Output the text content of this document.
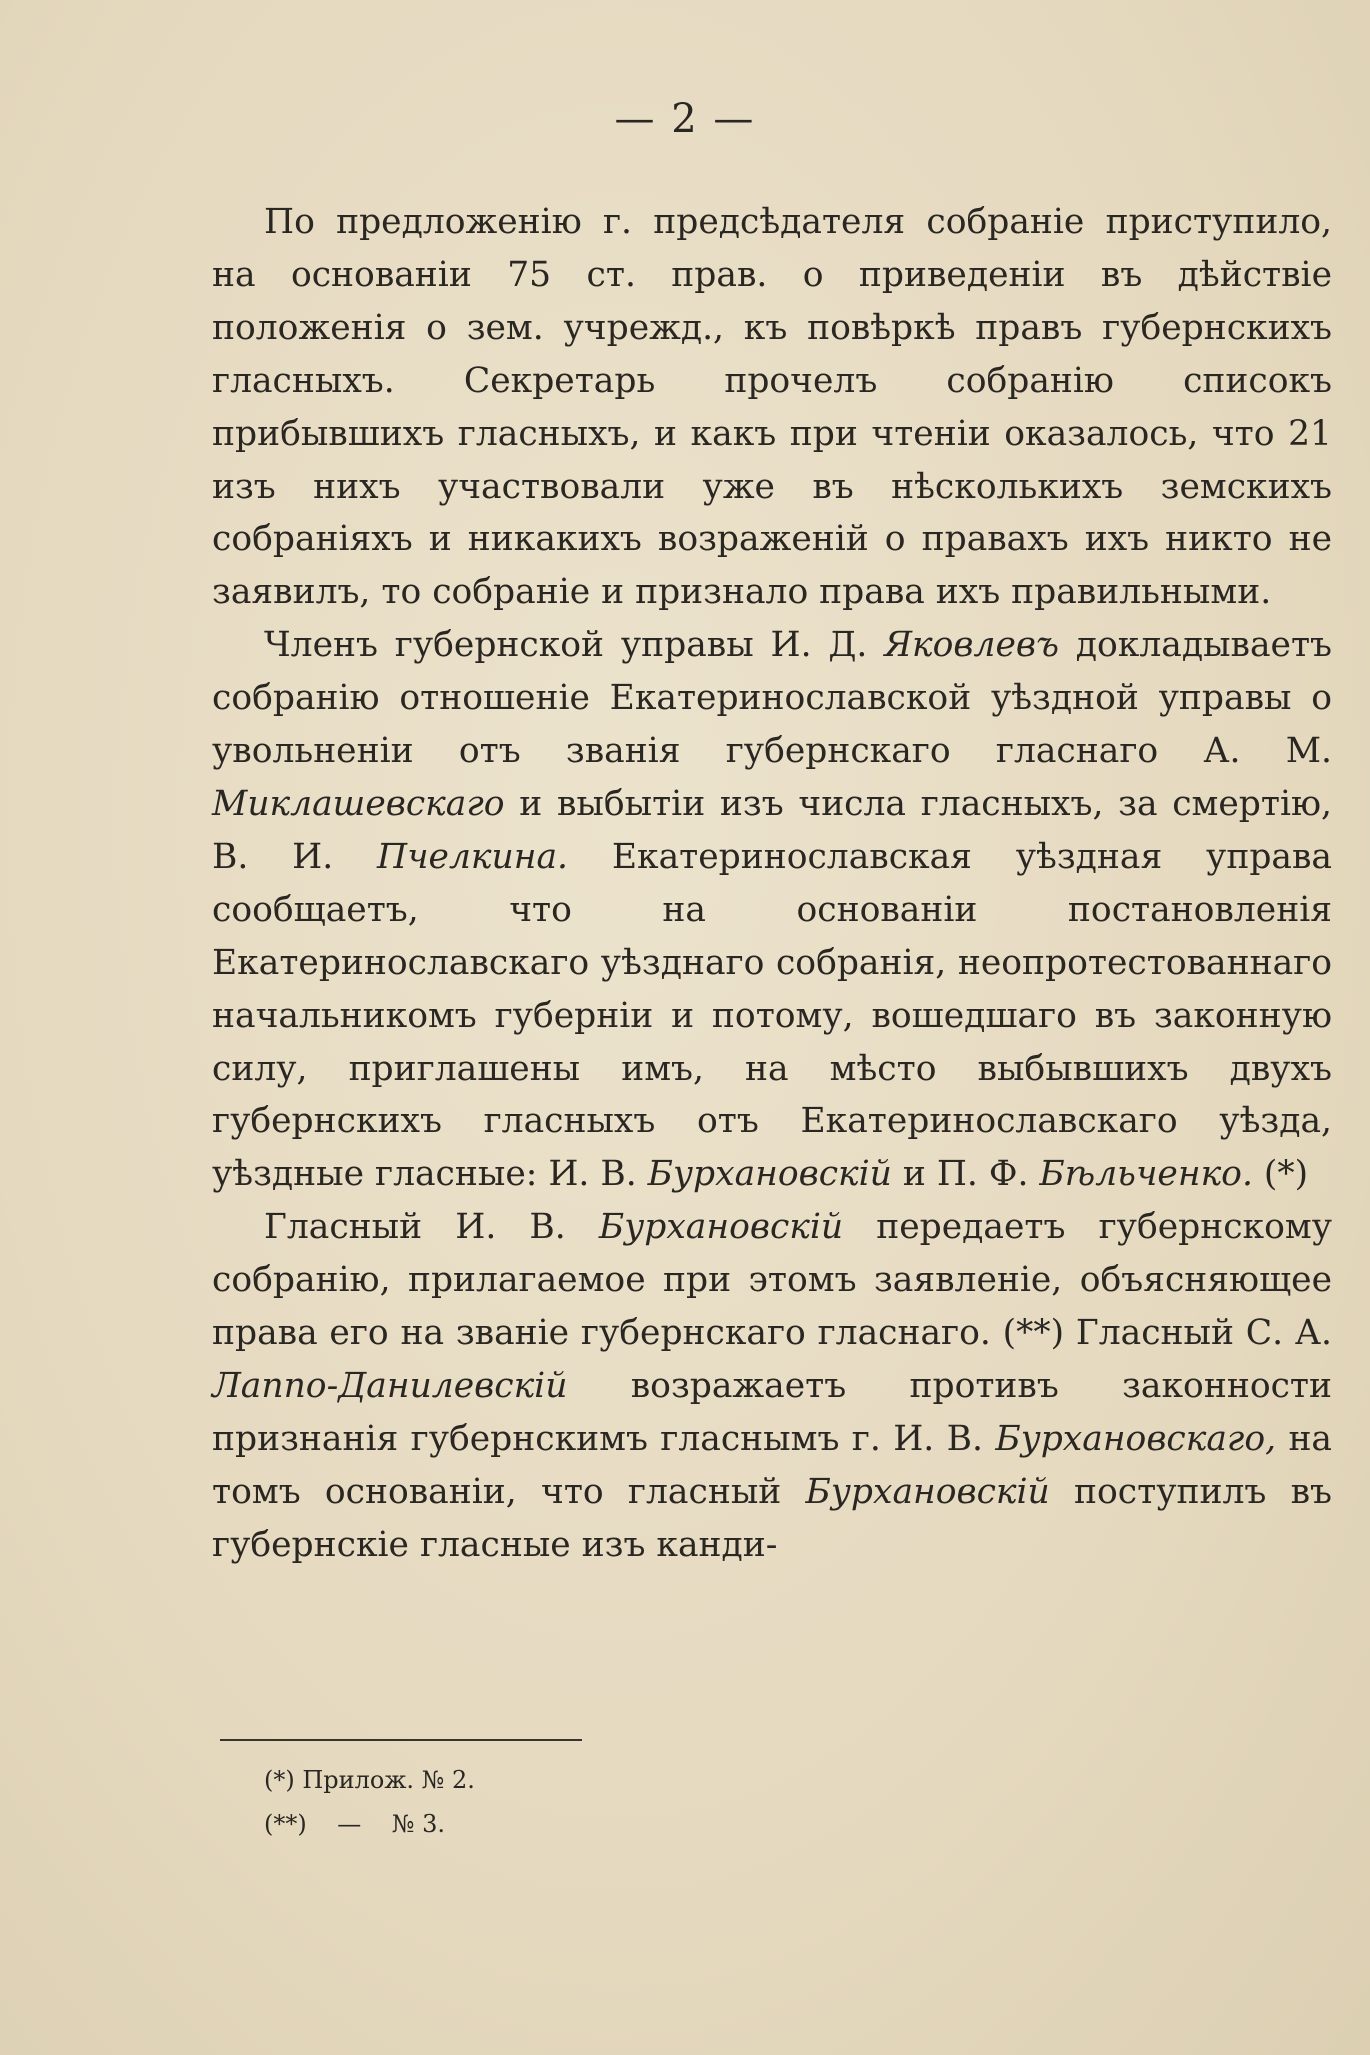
— 2 —

По предложенію г. предсѣдателя собраніе приступило, на основаніи 75 ст. прав. о приведеніи въ дѣйствіе положенія о зем. учрежд., къ повѣркѣ правъ губернскихъ гласныхъ. Секретарь прочелъ собранію списокъ прибывшихъ гласныхъ, и какъ при чтеніи оказалось, что 21 изъ нихъ участвовали уже въ нѣсколькихъ земскихъ собраніяхъ и никакихъ возраженій о правахъ ихъ никто не заявилъ, то собраніе и признало права ихъ правильными.

Членъ губернской управы И. Д. Яковлевъ докладываетъ собранію отношеніе Екатеринославской уѣздной управы о увольненіи отъ званія губернскаго гласнаго А. М. Миклашевскаго и выбытіи изъ числа гласныхъ, за смертію, В. И. Пчелкина. Екатеринославская уѣздная управа сообщаетъ, что на основаніи постановленія Екатеринославскаго уѣзднаго собранія, неопротестованнаго начальникомъ губерніи и потому, вошедшаго въ законную силу, приглашены имъ, на мѣсто выбывшихъ двухъ губернскихъ гласныхъ отъ Екатеринославскаго уѣзда, уѣздные гласные: И. В. Бурхановскій и П. Ф. Бѣльченко. (*)

Гласный И. В. Бурхановскій передаетъ губернскому собранію, прилагаемое при этомъ заявленіе, объясняющее права его на званіе губернскаго гласнаго. (**) Гласный С. А. Лаппо-Данилевскій возражаетъ противъ законности признанія губернскимъ гласнымъ г. И. В. Бурхановскаго, на томъ основаніи, что гласный Бурхановскій поступилъ въ губернскіе гласные изъ канди-

(*) Прилож. № 2.
(**)    —    № 3.
